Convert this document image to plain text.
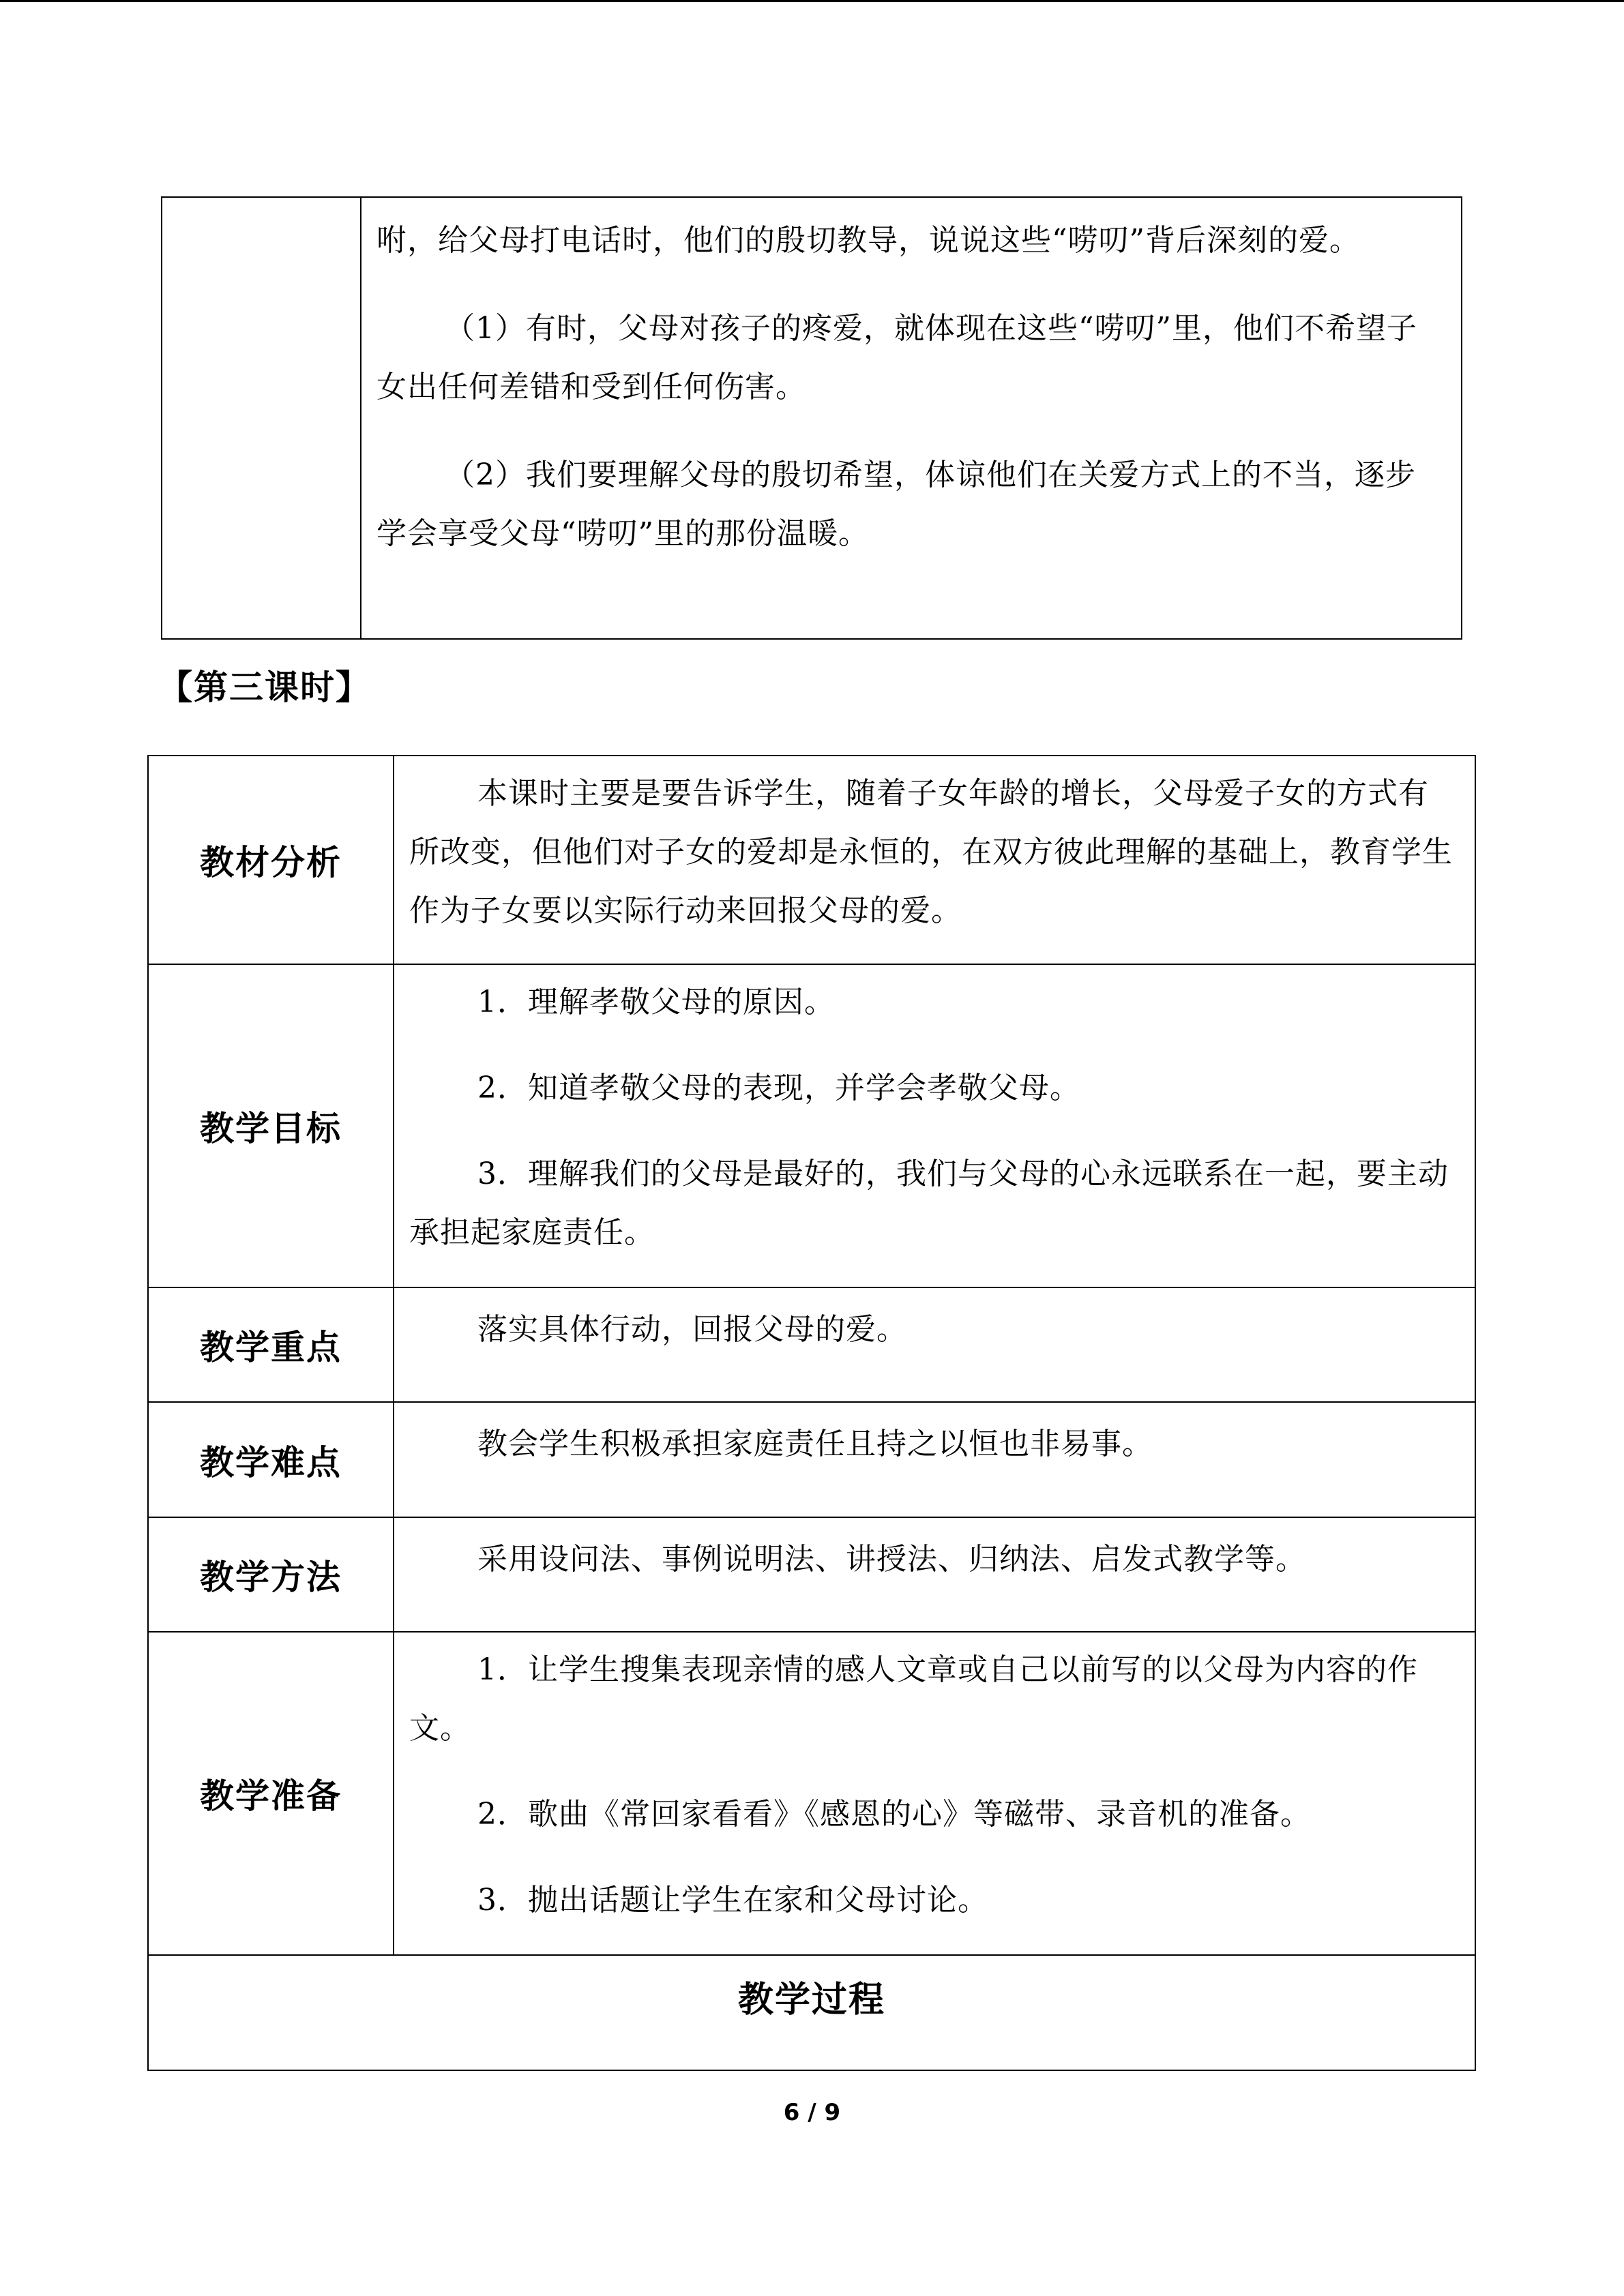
咐，给父母打电话时，他们的殷切教导，说说这些“唠叨”背后深刻的爱。

（1）有时，父母对孩子的疼爱，就体现在这些“唠叨”里，他们不希望子女出任何差错和受到任何伤害。

（2）我们要理解父母的殷切希望，体谅他们在关爱方式上的不当，逐步学会享受父母“唠叨”里的那份温暖。

【第三课时】
教材分析	本课时主要是要告诉学生，随着子女年龄的增长，父母爱子女的方式有所改变，但他们对子女的爱却是永恒的，在双方彼此理解的基础上，教育学生作为子女要以实际行动来回报父母的爱。

教学目标	1．理解孝敬父母的原因。

2．知道孝敬父母的表现，并学会孝敬父母。

3．理解我们的父母是最好的，我们与父母的心永远联系在一起，要主动承担起家庭责任。

教学重点	落实具体行动，回报父母的爱。

教学难点	教会学生积极承担家庭责任且持之以恒也非易事。

教学方法	采用设问法、事例说明法、讲授法、归纳法、启发式教学等。

教学准备	1．让学生搜集表现亲情的感人文章或自己以前写的以父母为内容的作文。

2．歌曲《常回家看看》《感恩的心》等磁带、录音机的准备。

3．抛出话题让学生在家和父母讨论。

教学过程	
6 / 9
